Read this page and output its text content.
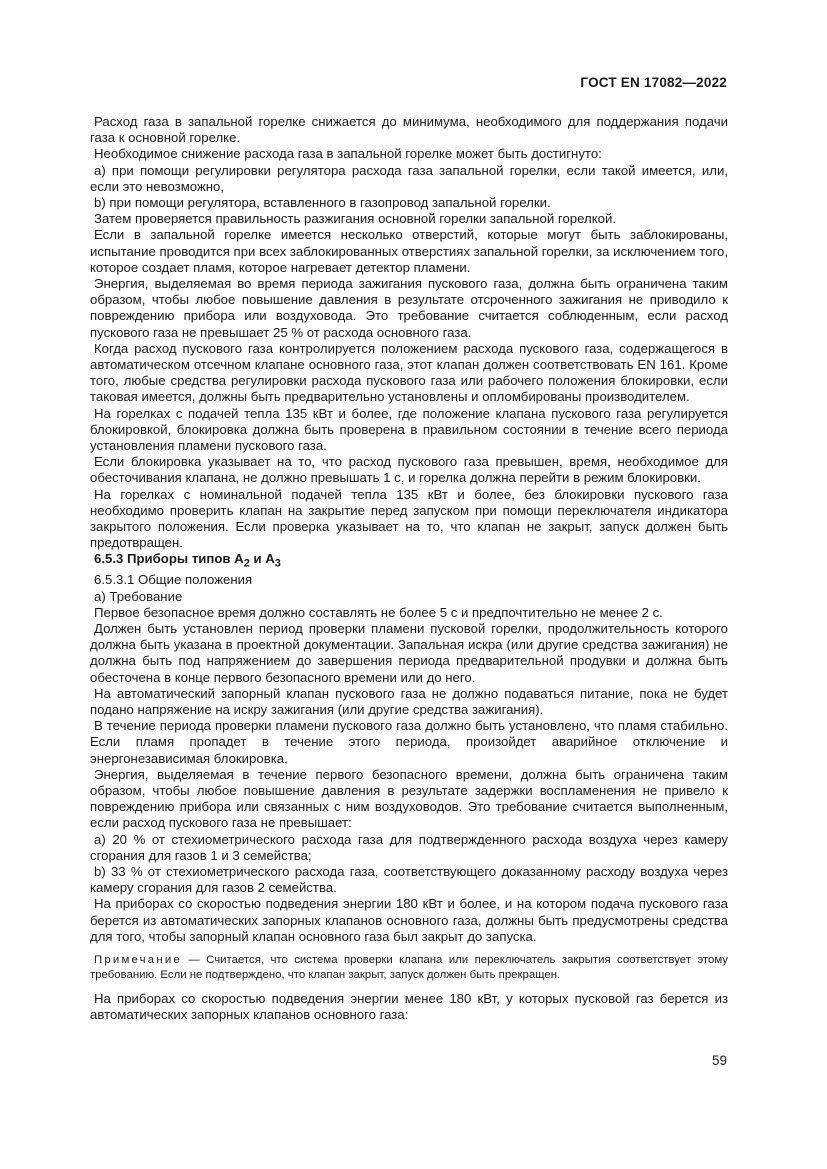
ГОСТ EN 17082—2022

Расход газа в запальной горелке снижается до минимума, необходимого для поддержания подачи газа к основной горелке.

Необходимое снижение расхода газа в запальной горелке может быть достигнуто:

a) при помощи регулировки регулятора расхода газа запальной горелки, если такой имеется, или, если это невозможно,

b) при помощи регулятора, вставленного в газопровод запальной горелки.

Затем проверяется правильность разжигания основной горелки запальной горелкой.

Если в запальной горелке имеется несколько отверстий, которые могут быть заблокированы, испытание проводится при всех заблокированных отверстиях запальной горелки, за исключением того, которое создает пламя, которое нагревает детектор пламени.

Энергия, выделяемая во время периода зажигания пускового газа, должна быть ограничена таким образом, чтобы любое повышение давления в результате отсроченного зажигания не приводило к повреждению прибора или воздуховода. Это требование считается соблюденным, если расход пускового газа не превышает 25 % от расхода основного газа.

Когда расход пускового газа контролируется положением расхода пускового газа, содержащегося в автоматическом отсечном клапане основного газа, этот клапан должен соответствовать EN 161. Кроме того, любые средства регулировки расхода пускового газа или рабочего положения блокировки, если таковая имеется, должны быть предварительно установлены и опломбированы производителем.

На горелках с подачей тепла 135 кВт и более, где положение клапана пускового газа регулируется блокировкой, блокировка должна быть проверена в правильном состоянии в течение всего периода установления пламени пускового газа.

Если блокировка указывает на то, что расход пускового газа превышен, время, необходимое для обесточивания клапана, не должно превышать 1 с, и горелка должна перейти в режим блокировки.

На горелках с номинальной подачей тепла 135 кВт и более, без блокировки пускового газа необходимо проверить клапан на закрытие перед запуском при помощи переключателя индикатора закрытого положения. Если проверка указывает на то, что клапан не закрыт, запуск должен быть предотвращен.

6.5.3 Приборы типов $A_2$ и $A_3$

6.5.3.1 Общие положения

а) Требование

Первое безопасное время должно составлять не более 5 с и предпочтительно не менее 2 с.

Должен быть установлен период проверки пламени пусковой горелки, продолжительность которого должна быть указана в проектной документации. Запальная искра (или другие средства зажигания) не должна быть под напряжением до завершения периода предварительной продувки и должна быть обесточена в конце первого безопасного времени или до него.

На автоматический запорный клапан пускового газа не должно подаваться питание, пока не будет подано напряжение на искру зажигания (или другие средства зажигания).

В течение периода проверки пламени пускового газа должно быть установлено, что пламя стабильно. Если пламя пропадет в течение этого периода, произойдет аварийное отключение и энергонезависимая блокировка.

Энергия, выделяемая в течение первого безопасного времени, должна быть ограничена таким образом, чтобы любое повышение давления в результате задержки воспламенения не привело к повреждению прибора или связанных с ним воздуховодов. Это требование считается выполненным, если расход пускового газа не превышает:

а) 20 % от стехиометрического расхода газа для подтвержденного расхода воздуха через камеру сгорания для газов 1 и 3 семейства;

b) 33 % от стехиометрического расхода газа, соответствующего доказанному расходу воздуха через камеру сгорания для газов 2 семейства.

На приборах со скоростью подведения энергии 180 кВт и более, и на котором подача пускового газа берется из автоматических запорных клапанов основного газа, должны быть предусмотрены средства для того, чтобы запорный клапан основного газа был закрыт до запуска.

Примечание — Считается, что система проверки клапана или переключатель закрытия соответствует этому требованию. Если не подтверждено, что клапан закрыт, запуск должен быть прекращен.

На приборах со скоростью подведения энергии менее 180 кВт, у которых пусковой газ берется из автоматических запорных клапанов основного газа:

59
